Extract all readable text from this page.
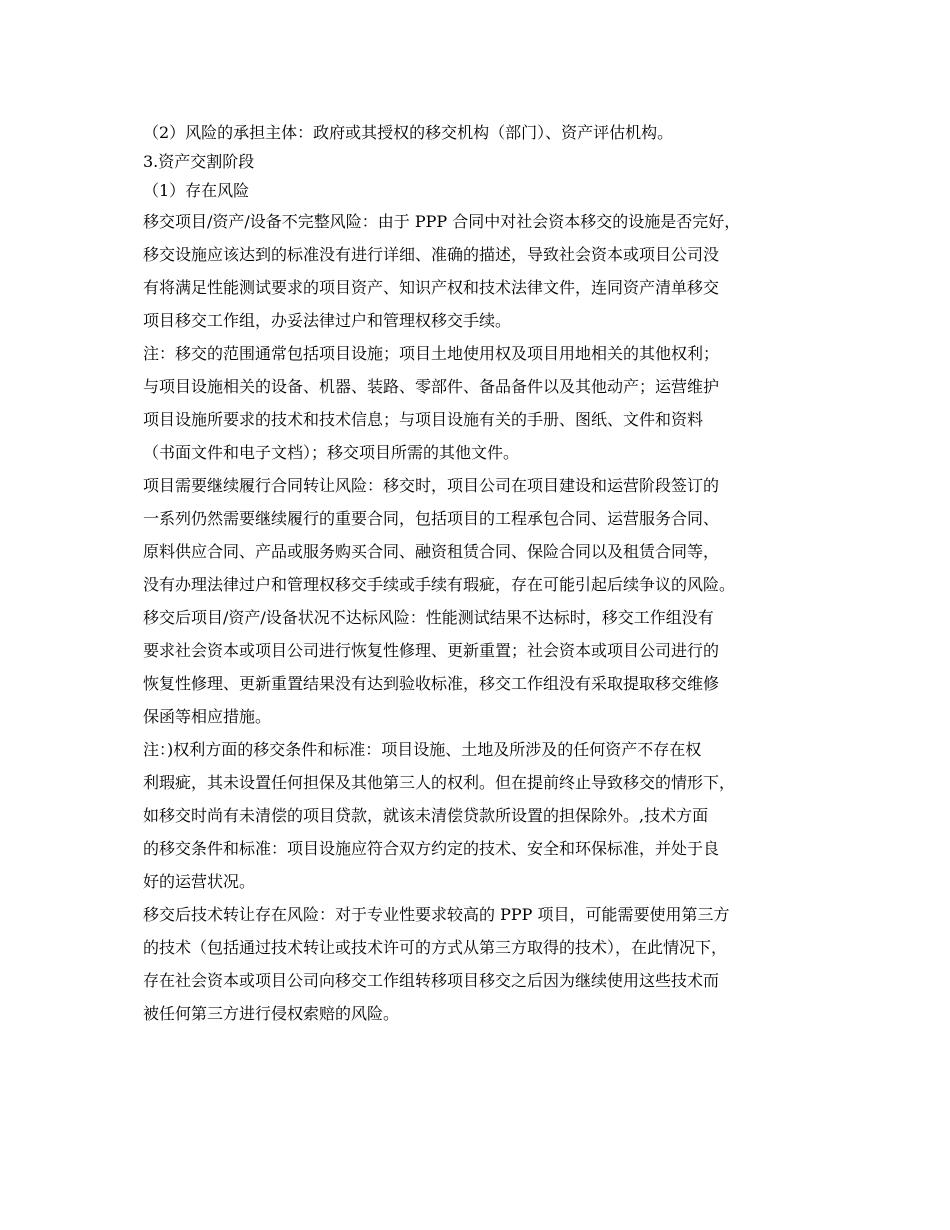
（2）风险的承担主体：政府或其授权的移交机构（部门）、资产评估机构。
3.资产交割阶段
（1）存在风险
移交项目/资产/设备不完整风险：由于 PPP 合同中对社会资本移交的设施是否完好，
移交设施应该达到的标准没有进行详细、准确的描述，导致社会资本或项目公司没
有将满足性能测试要求的项目资产、知识产权和技术法律文件，连同资产清单移交
项目移交工作组，办妥法律过户和管理权移交手续。
注：移交的范围通常包括项目设施；项目土地使用权及项目用地相关的其他权利；
与项目设施相关的设备、机器、装路、零部件、备品备件以及其他动产；运营维护
项目设施所要求的技术和技术信息；与项目设施有关的手册、图纸、文件和资料
（书面文件和电子文档）；移交项目所需的其他文件。
项目需要继续履行合同转让风险：移交时，项目公司在项目建设和运营阶段签订的
一系列仍然需要继续履行的重要合同，包括项目的工程承包合同、运营服务合同、
原料供应合同、产品或服务购买合同、融资租赁合同、保险合同以及租赁合同等，
没有办理法律过户和管理权移交手续或手续有瑕疵，存在可能引起后续争议的风险。
移交后项目/资产/设备状况不达标风险：性能测试结果不达标时，移交工作组没有
要求社会资本或项目公司进行恢复性修理、更新重置；社会资本或项目公司进行的
恢复性修理、更新重置结果没有达到验收标准，移交工作组没有采取提取移交维修
保函等相应措施。
注：)权利方面的移交条件和标准：项目设施、土地及所涉及的任何资产不存在权
利瑕疵，其未设置任何担保及其他第三人的权利。但在提前终止导致移交的情形下，
如移交时尚有未清偿的项目贷款，就该未清偿贷款所设置的担保除外。,技术方面
的移交条件和标准：项目设施应符合双方约定的技术、安全和环保标准，并处于良
好的运营状况。
移交后技术转让存在风险：对于专业性要求较高的 PPP 项目，可能需要使用第三方
的技术（包括通过技术转让或技术许可的方式从第三方取得的技术），在此情况下，
存在社会资本或项目公司向移交工作组转移项目移交之后因为继续使用这些技术而
被任何第三方进行侵权索赔的风险。
